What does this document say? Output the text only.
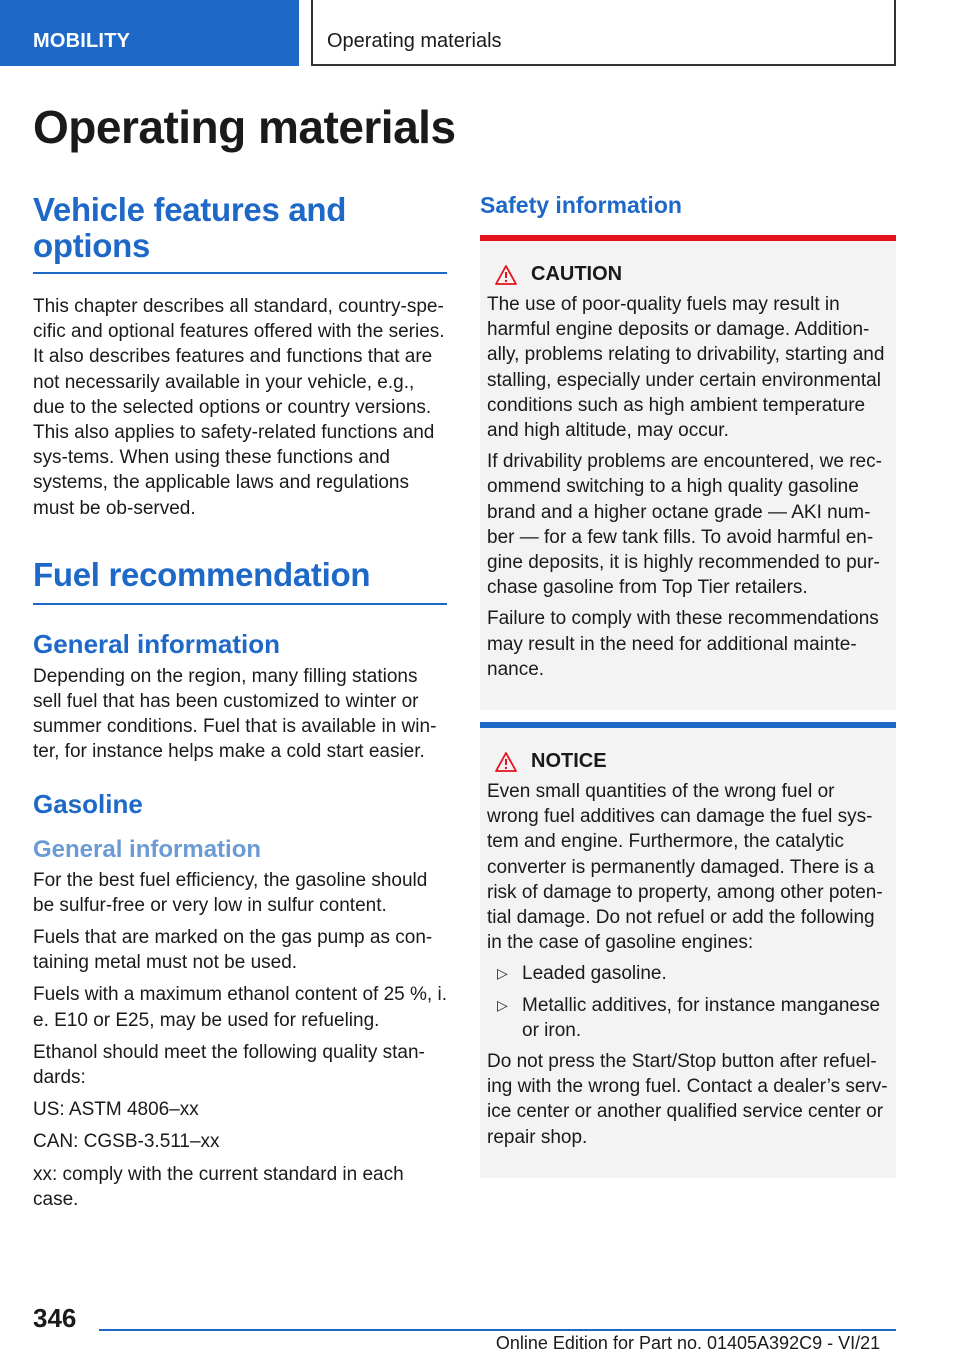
MOBILITY	Operating materials
Operating materials
Vehicle features and options

This chapter describes all standard, country-spe-cific and optional features offered with the series. It also describes features and functions that are not necessarily available in your vehicle, e.g., due to the selected options or country versions. This also applies to safety-related functions and sys-tems. When using these functions and systems, the applicable laws and regulations must be ob-served.

Fuel recommendation
General information

Depending on the region, many filling stations sell fuel that has been customized to winter or summer conditions. Fuel that is available in win-ter, for instance helps make a cold start easier.

Gasoline
General information

For the best fuel efficiency, the gasoline should be sulfur-free or very low in sulfur content.

Fuels that are marked on the gas pump as con-taining metal must not be used.

Fuels with a maximum ethanol content of 25 %, i. e. E10 or E25, may be used for refueling.

Ethanol should meet the following quality stan-dards:

US: ASTM 4806–xx

CAN: CGSB-3.511–xx

xx: comply with the current standard in each case.

Safety information
CAUTION

The use of poor-quality fuels may result in harmful engine deposits or damage. Addition-ally, problems relating to drivability, starting and stalling, especially under certain environmental conditions such as high ambient temperature and high altitude, may occur.

If drivability problems are encountered, we rec-ommend switching to a high quality gasoline brand and a higher octane grade — AKI num-ber — for a few tank fills. To avoid harmful en-gine deposits, it is highly recommended to pur-chase gasoline from Top Tier retailers.

Failure to comply with these recommendations may result in the need for additional mainte-nance.

NOTICE

Even small quantities of the wrong fuel or wrong fuel additives can damage the fuel sys-tem and engine. Furthermore, the catalytic converter is permanently damaged. There is a risk of damage to property, among other poten-tial damage. Do not refuel or add the following in the case of gasoline engines:

▷ Leaded gasoline.
▷ Metallic additives, for instance manganese or iron.

Do not press the Start/Stop button after refuel-ing with the wrong fuel. Contact a dealer’s serv-ice center or another qualified service center or repair shop.

346
Online Edition for Part no. 01405A392C9 - VI/21
